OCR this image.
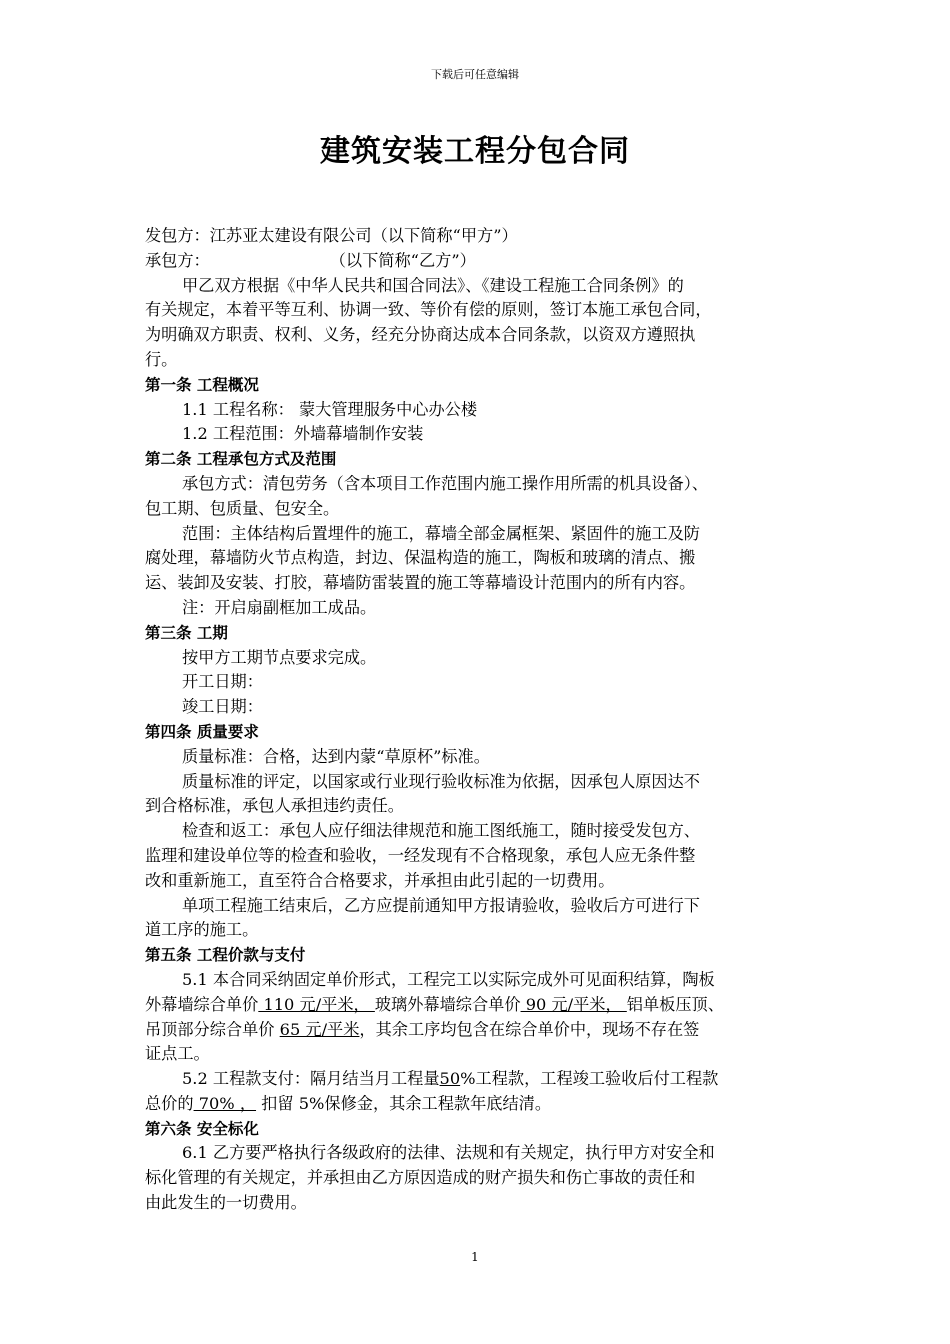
下载后可任意编辑
建筑安装工程分包合同

发包方：江苏亚太建设有限公司（以下简称“甲方”）

承包方：	（以下简称“乙方”）

甲乙双方根据《中华人民共和国合同法》、《建设工程施工合同条例》的

有关规定，本着平等互利、协调一致、等价有偿的原则，签订本施工承包合同，

为明确双方职责、权利、义务，经充分协商达成本合同条款，以资双方遵照执

行。

第一条 工程概况

1.1 工程名称： 蒙大管理服务中心办公楼

1.2 工程范围：外墙幕墙制作安装

第二条 工程承包方式及范围

承包方式：清包劳务（含本项目工作范围内施工操作用所需的机具设备）、

包工期、包质量、包安全。

范围：主体结构后置埋件的施工，幕墙全部金属框架、紧固件的施工及防

腐处理，幕墙防火节点构造，封边、保温构造的施工，陶板和玻璃的清点、搬

运、装卸及安装、打胶，幕墙防雷装置的施工等幕墙设计范围内的所有内容。

注：开启扇副框加工成品。

第三条 工期

按甲方工期节点要求完成。

开工日期：

竣工日期：

第四条 质量要求

质量标准：合格，达到内蒙“草原杯”标准。

质量标准的评定，以国家或行业现行验收标准为依据，因承包人原因达不

到合格标准，承包人承担违约责任。

检查和返工：承包人应仔细法律规范和施工图纸施工，随时接受发包方、

监理和建设单位等的检查和验收，一经发现有不合格现象，承包人应无条件整

改和重新施工，直至符合合格要求，并承担由此引起的一切费用。

单项工程施工结束后，乙方应提前通知甲方报请验收，验收后方可进行下

道工序的施工。

第五条 工程价款与支付

5.1 本合同采纳固定单价形式，工程完工以实际完成外可见面积结算，陶板

外幕墙综合单价 110 元/平米， 玻璃外幕墙综合单价 90 元/平米， 铝单板压顶、

吊顶部分综合单价 65 元/平米，其余工序均包含在综合单价中，现场不存在签

证点工。

5.2 工程款支付：隔月结当月工程量50%工程款，工程竣工验收后付工程款

总价的 70% ， 扣留 5%保修金，其余工程款年底结清。

第六条 安全标化

6.1 乙方要严格执行各级政府的法律、法规和有关规定，执行甲方对安全和

标化管理的有关规定，并承担由乙方原因造成的财产损失和伤亡事故的责任和

由此发生的一切费用。

1
